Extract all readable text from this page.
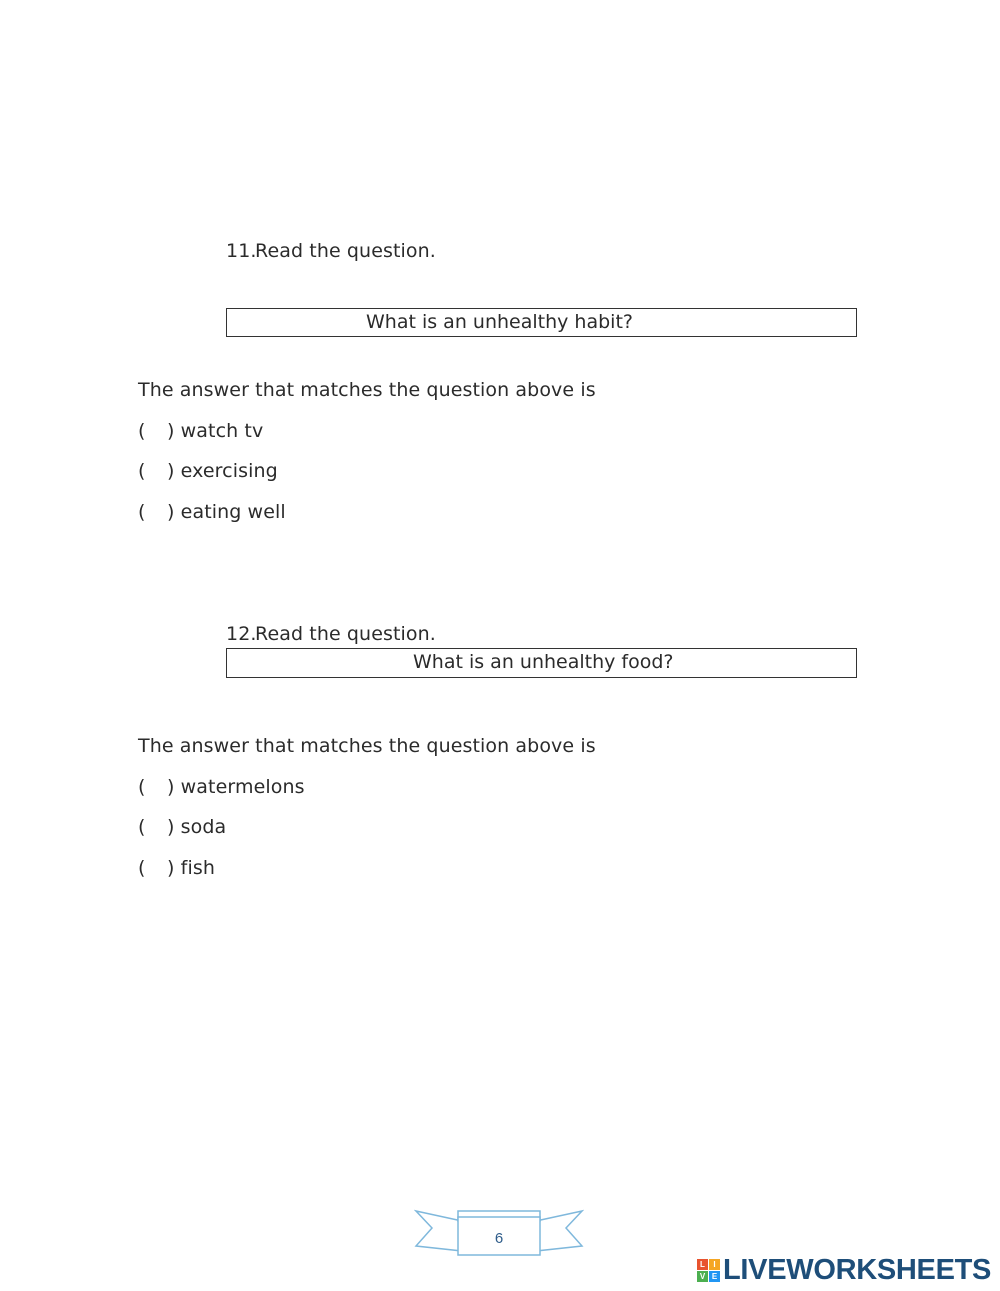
11.Read the question.
What is an unhealthy habit?
The answer that matches the question above is
( ) watch tv
( ) exercising
( ) eating well
12.Read the question.
What is an unhealthy food?
The answer that matches the question above is
( ) watermelons
( ) soda
( ) fish
6
L	I
V E LIVEWORKSHEETS
